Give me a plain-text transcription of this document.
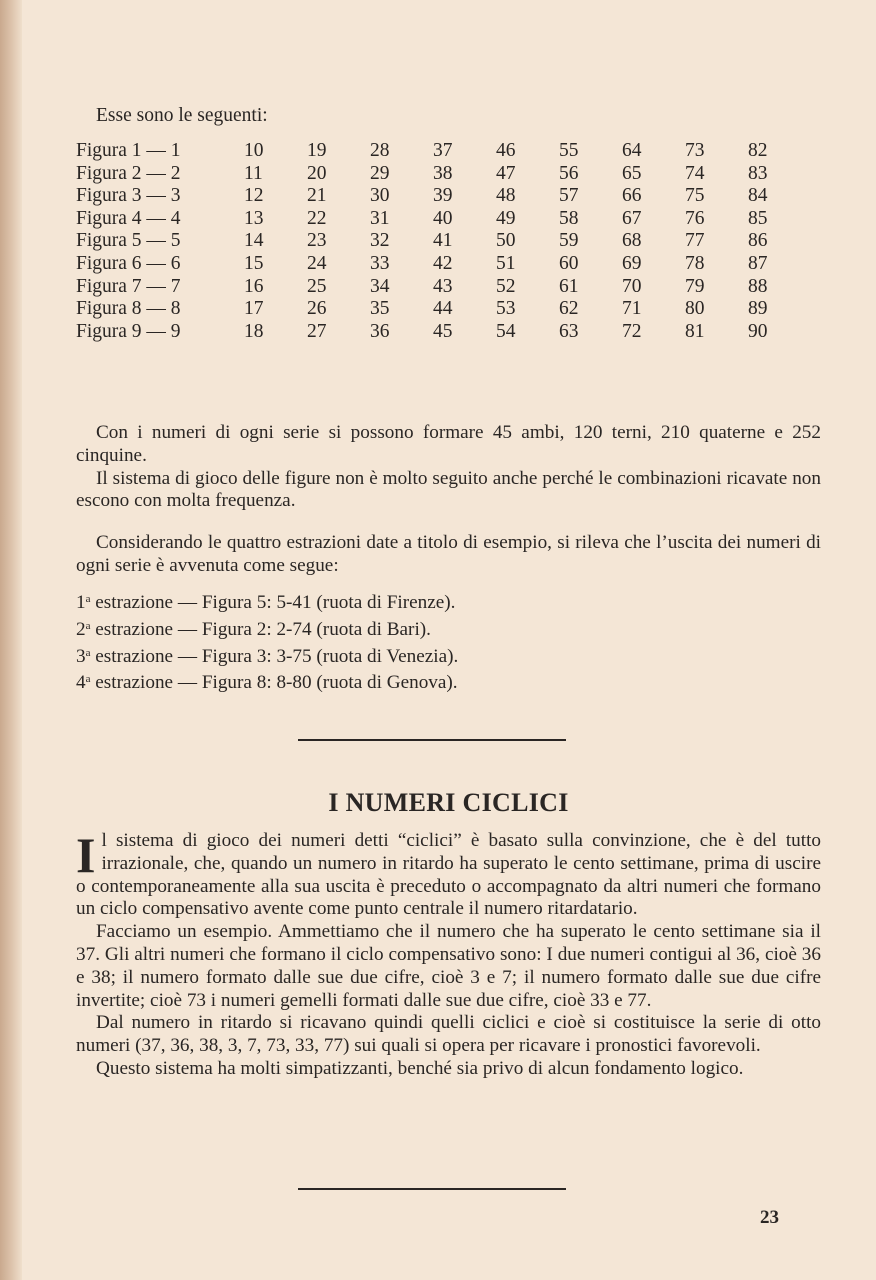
Esse sono le seguenti:
Figura 1 — 1	10	19	28	37	46	55	64	73	82
Figura 2 — 2	11	20	29	38	47	56	65	74	83
Figura 3 — 3	12	21	30	39	48	57	66	75	84
Figura 4 — 4	13	22	31	40	49	58	67	76	85
Figura 5 — 5	14	23	32	41	50	59	68	77	86
Figura 6 — 6	15	24	33	42	51	60	69	78	87
Figura 7 — 7	16	25	34	43	52	61	70	79	88
Figura 8 — 8	17	26	35	44	53	62	71	80	89
Figura 9 — 9	18	27	36	45	54	63	72	81	90

Con i numeri di ogni serie si possono formare 45 ambi, 120 terni, 210 quaterne e 252 cinquine.

Il sistema di gioco delle figure non è molto seguito anche perché le combinazioni ricavate non escono con molta frequenza.

Considerando le quattro estrazioni date a titolo di esempio, si rileva che l’uscita dei numeri di ogni serie è avvenuta come segue:

1$^a$ estrazione — Figura 5: 5-41 (ruota di Firenze).
2$^a$ estrazione — Figura 2: 2-74 (ruota di Bari).
3$^a$ estrazione — Figura 3: 3-75 (ruota di Venezia).
4$^a$ estrazione — Figura 8: 8-80 (ruota di Genova).
I NUMERI CICLICI

Il sistema di gioco dei numeri detti “ciclici” è basato sulla convinzione, che è del tutto irrazionale, che, quando un numero in ritardo ha superato le cento settimane, prima di uscire o contemporaneamente alla sua uscita è preceduto o accompagnato da altri numeri che formano un ciclo compensativo avente come punto centrale il numero ritardatario.

Facciamo un esempio. Ammettiamo che il numero che ha superato le cento settimane sia il 37. Gli altri numeri che formano il ciclo compensativo sono: I due numeri contigui al 36, cioè 36 e 38; il numero formato dalle sue due cifre, cioè 3 e 7; il numero formato dalle sue due cifre invertite; cioè 73 i numeri gemelli formati dalle sue due cifre, cioè 33 e 77.

Dal numero in ritardo si ricavano quindi quelli ciclici e cioè si costituisce la serie di otto numeri (37, 36, 38, 3, 7, 73, 33, 77) sui quali si opera per ricavare i pronostici favorevoli.

Questo sistema ha molti simpatizzanti, benché sia privo di alcun fondamento logico.

23
